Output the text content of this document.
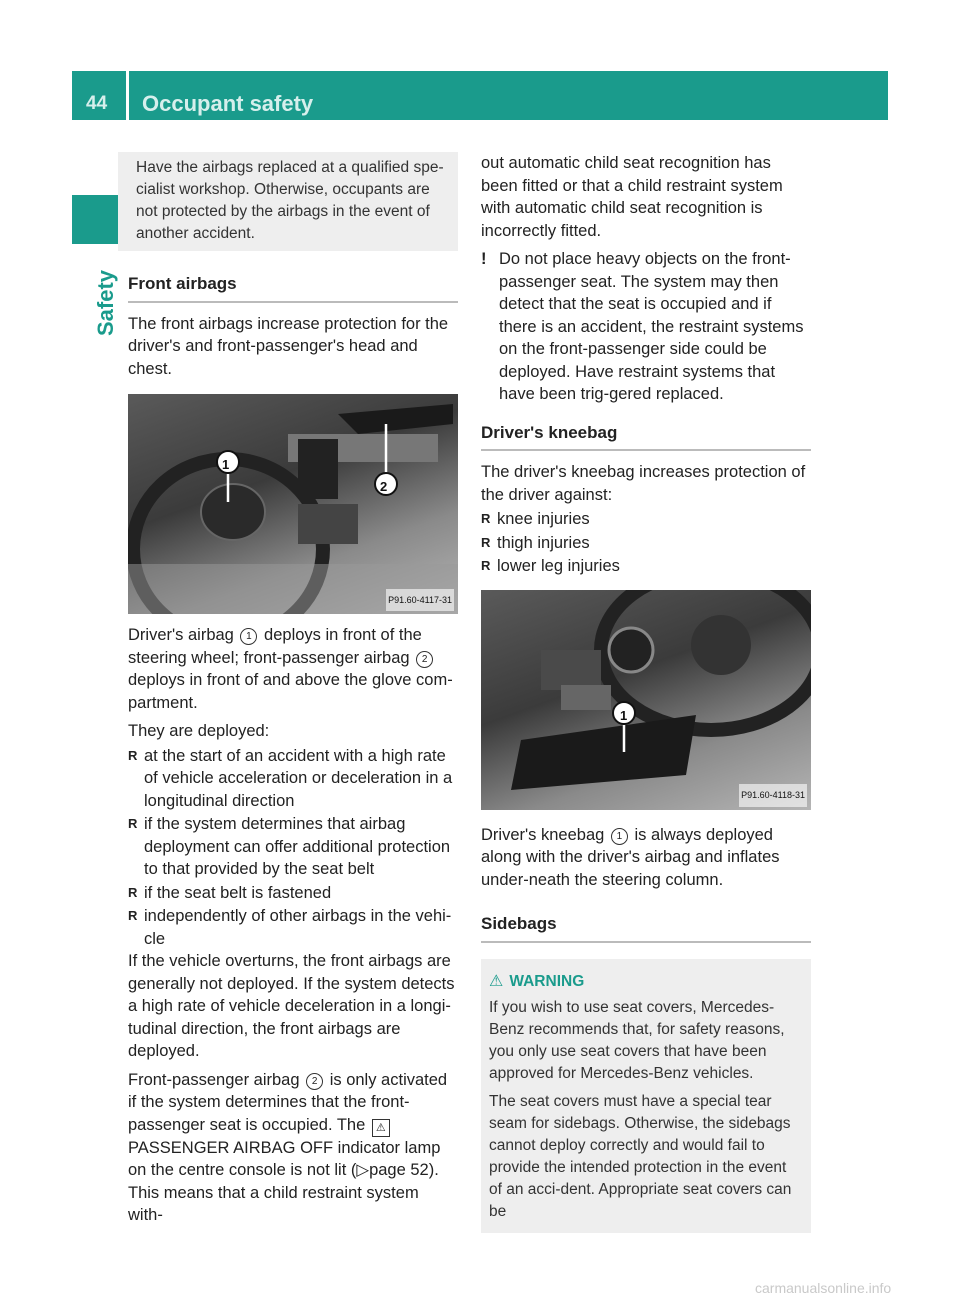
44 Occupant safety
Safety
Have the airbags replaced at a qualified spe-cialist workshop. Otherwise, occupants are not protected by the airbags in the event of another accident.
Front airbags

The front airbags increase protection for the driver's and front-passenger's head and chest.

1
2
P91.60-4117-31

Driver's airbag 1 deploys in front of the steering wheel; front-passenger airbag 2 deploys in front of and above the glove com-partment.

They are deployed:

R at the start of an accident with a high rate of vehicle acceleration or deceleration in a longitudinal direction
R if the system determines that airbag deployment can offer additional protection to that provided by the seat belt
R if the seat belt is fastened
R independently of other airbags in the vehi-cle

If the vehicle overturns, the front airbags are generally not deployed. If the system detects a high rate of vehicle deceleration in a longi-tudinal direction, the front airbags are deployed.

Front-passenger airbag 2 is only activated if the system determines that the front-passenger seat is occupied. The ⚠ PASSENGER AIRBAG OFF indicator lamp on the centre console is not lit (▷page 52).

This means that a child restraint system with-

out automatic child seat recognition has been fitted or that a child restraint system with automatic child seat recognition is incorrectly fitted.

! Do not place heavy objects on the front-passenger seat. The system may then detect that the seat is occupied and if there is an accident, the restraint systems on the front-passenger side could be deployed. Have restraint systems that have been trig-gered replaced.

Driver's kneebag

The driver's kneebag increases protection of the driver against:

R knee injuries
R thigh injuries
R lower leg injuries
1
P91.60-4118-31

Driver's kneebag 1 is always deployed along with the driver's airbag and inflates under-neath the steering column.

Sidebags
⚠ WARNING

If you wish to use seat covers, Mercedes-Benz recommends that, for safety reasons, you only use seat covers that have been approved for Mercedes-Benz vehicles.

The seat covers must have a special tear seam for sidebags. Otherwise, the sidebags cannot deploy correctly and would fail to provide the intended protection in the event of an acci-dent. Appropriate seat covers can be

carmanualsonline.info
